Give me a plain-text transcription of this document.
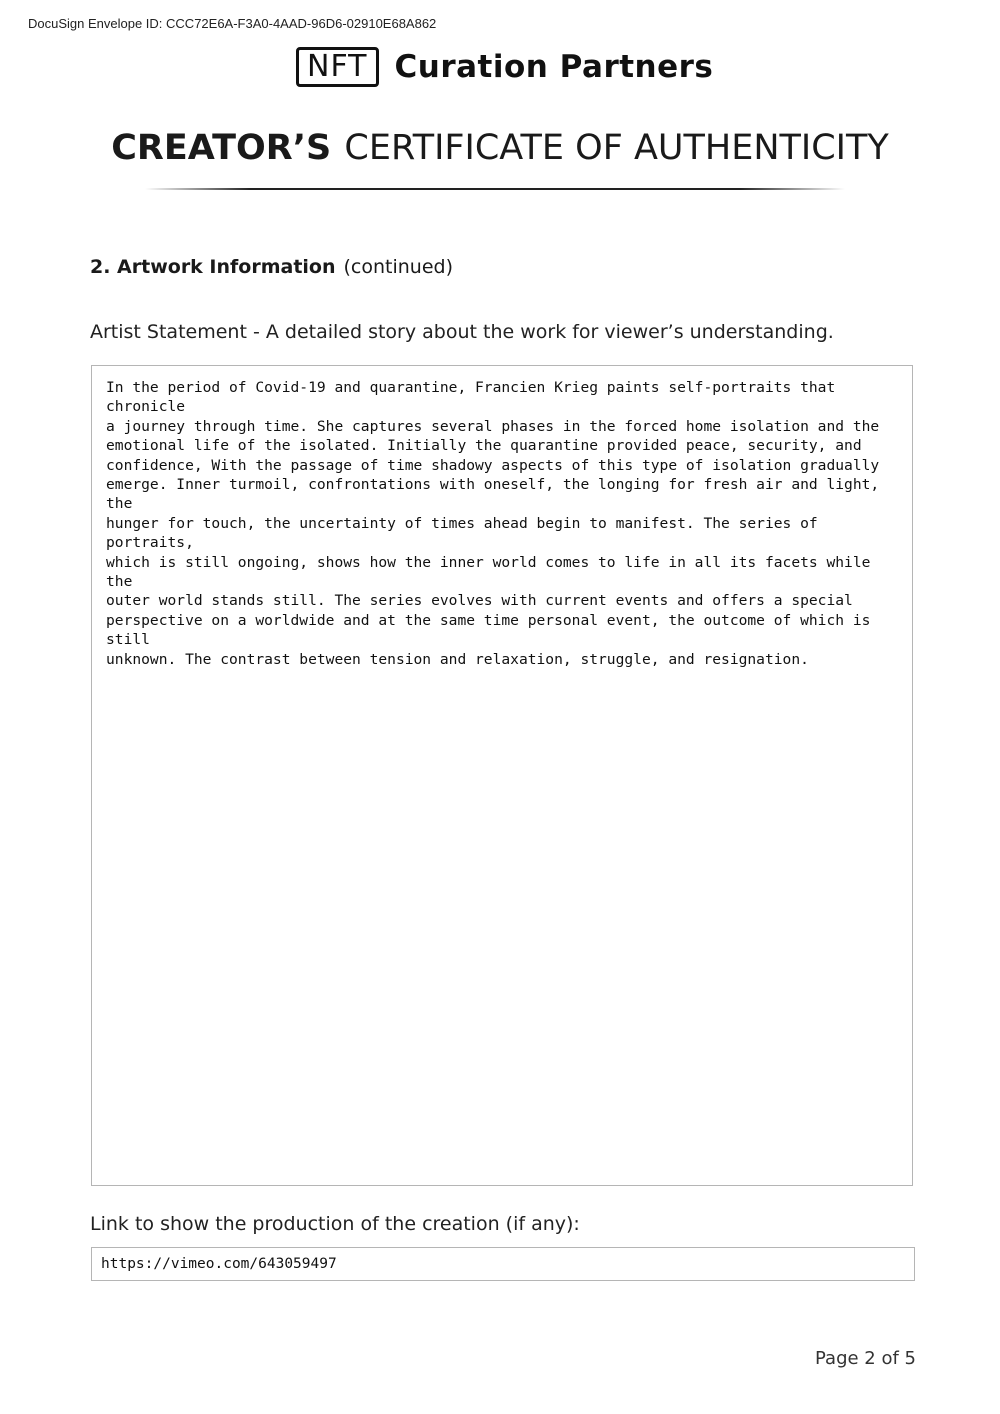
DocuSign Envelope ID: CCC72E6A-F3A0-4AAD-96D6-02910E68A862
NFT Curation Partners
CREATOR’S CERTIFICATE OF AUTHENTICITY
2. Artwork Information (continued)
Artist Statement - A detailed story about the work for viewer’s understanding.
In the period of Covid-19 and quarantine, Francien Krieg paints self-portraits that chronicle
a journey through time. She captures several phases in the forced home isolation and the
emotional life of the isolated. Initially the quarantine provided peace, security, and
confidence, With the passage of time shadowy aspects of this type of isolation gradually
emerge. Inner turmoil, confrontations with oneself, the longing for fresh air and light, the
hunger for touch, the uncertainty of times ahead begin to manifest. The series of portraits,
which is still ongoing, shows how the inner world comes to life in all its facets while the
outer world stands still. The series evolves with current events and offers a special
perspective on a worldwide and at the same time personal event, the outcome of which is still
unknown. The contrast between tension and relaxation, struggle, and resignation.
Link to show the production of the creation (if any):
https://vimeo.com/643059497
Page 2 of 5
